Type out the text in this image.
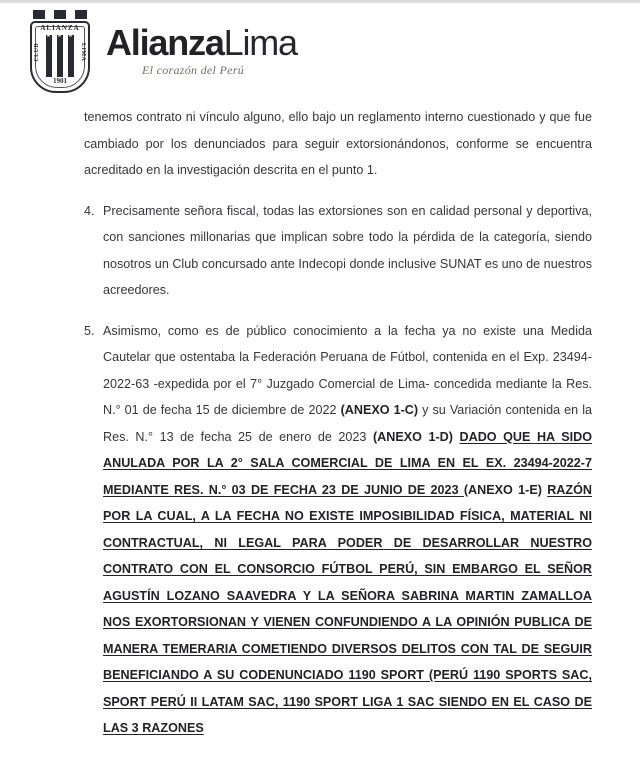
ALIANZA
CLUB	LIMA
★ ★ ★
1901
AlianzaLima
El corazón del Perú

tenemos contrato ni vínculo alguno, ello bajo un reglamento interno cuestionado y que fue cambiado por los denunciados para seguir extorsionándonos, conforme se encuentra acreditado en la investigación descrita en el punto 1.

4. Precisamente señora fiscal, todas las extorsiones son en calidad personal y deportiva, con sanciones millonarias que implican sobre todo la pérdida de la categoría, siendo nosotros un Club concursado ante Indecopi donde inclusive SUNAT es uno de nuestros acreedores.

5. Asimismo, como es de público conocimiento a la fecha ya no existe una Medida Cautelar que ostentaba la Federación Peruana de Fútbol, contenida en el Exp. 23494-2022-63 -expedida por el 7° Juzgado Comercial de Lima- concedida mediante la Res. N.° 01 de fecha 15 de diciembre de 2022 (ANEXO 1-C) y su Variación contenida en la Res. N.° 13 de fecha 25 de enero de 2023 (ANEXO 1-D) DADO QUE HA SIDO ANULADA POR LA 2° SALA COMERCIAL DE LIMA EN EL EX. 23494-2022-7 MEDIANTE RES. N.° 03 DE FECHA 23 DE JUNIO DE 2023 (ANEXO 1-E) RAZÓN POR LA CUAL, A LA FECHA NO EXISTE IMPOSIBILIDAD FÍSICA, MATERIAL NI CONTRACTUAL, NI LEGAL PARA PODER DE DESARROLLAR NUESTRO CONTRATO CON EL CONSORCIO FÚTBOL PERÚ, SIN EMBARGO EL SEÑOR AGUSTÍN LOZANO SAAVEDRA Y LA SEÑORA SABRINA MARTIN ZAMALLOA NOS EXORTORSIONAN Y VIENEN CONFUNDIENDO A LA OPINIÓN PUBLICA DE MANERA TEMERARIA COMETIENDO DIVERSOS DELITOS CON TAL DE SEGUIR BENEFICIANDO A SU CODENUNCIADO 1190 SPORT (PERÚ 1190 SPORTS SAC, SPORT PERÚ II LATAM SAC, 1190 SPORT LIGA 1 SAC SIENDO EN EL CASO DE LAS 3 RAZONES
